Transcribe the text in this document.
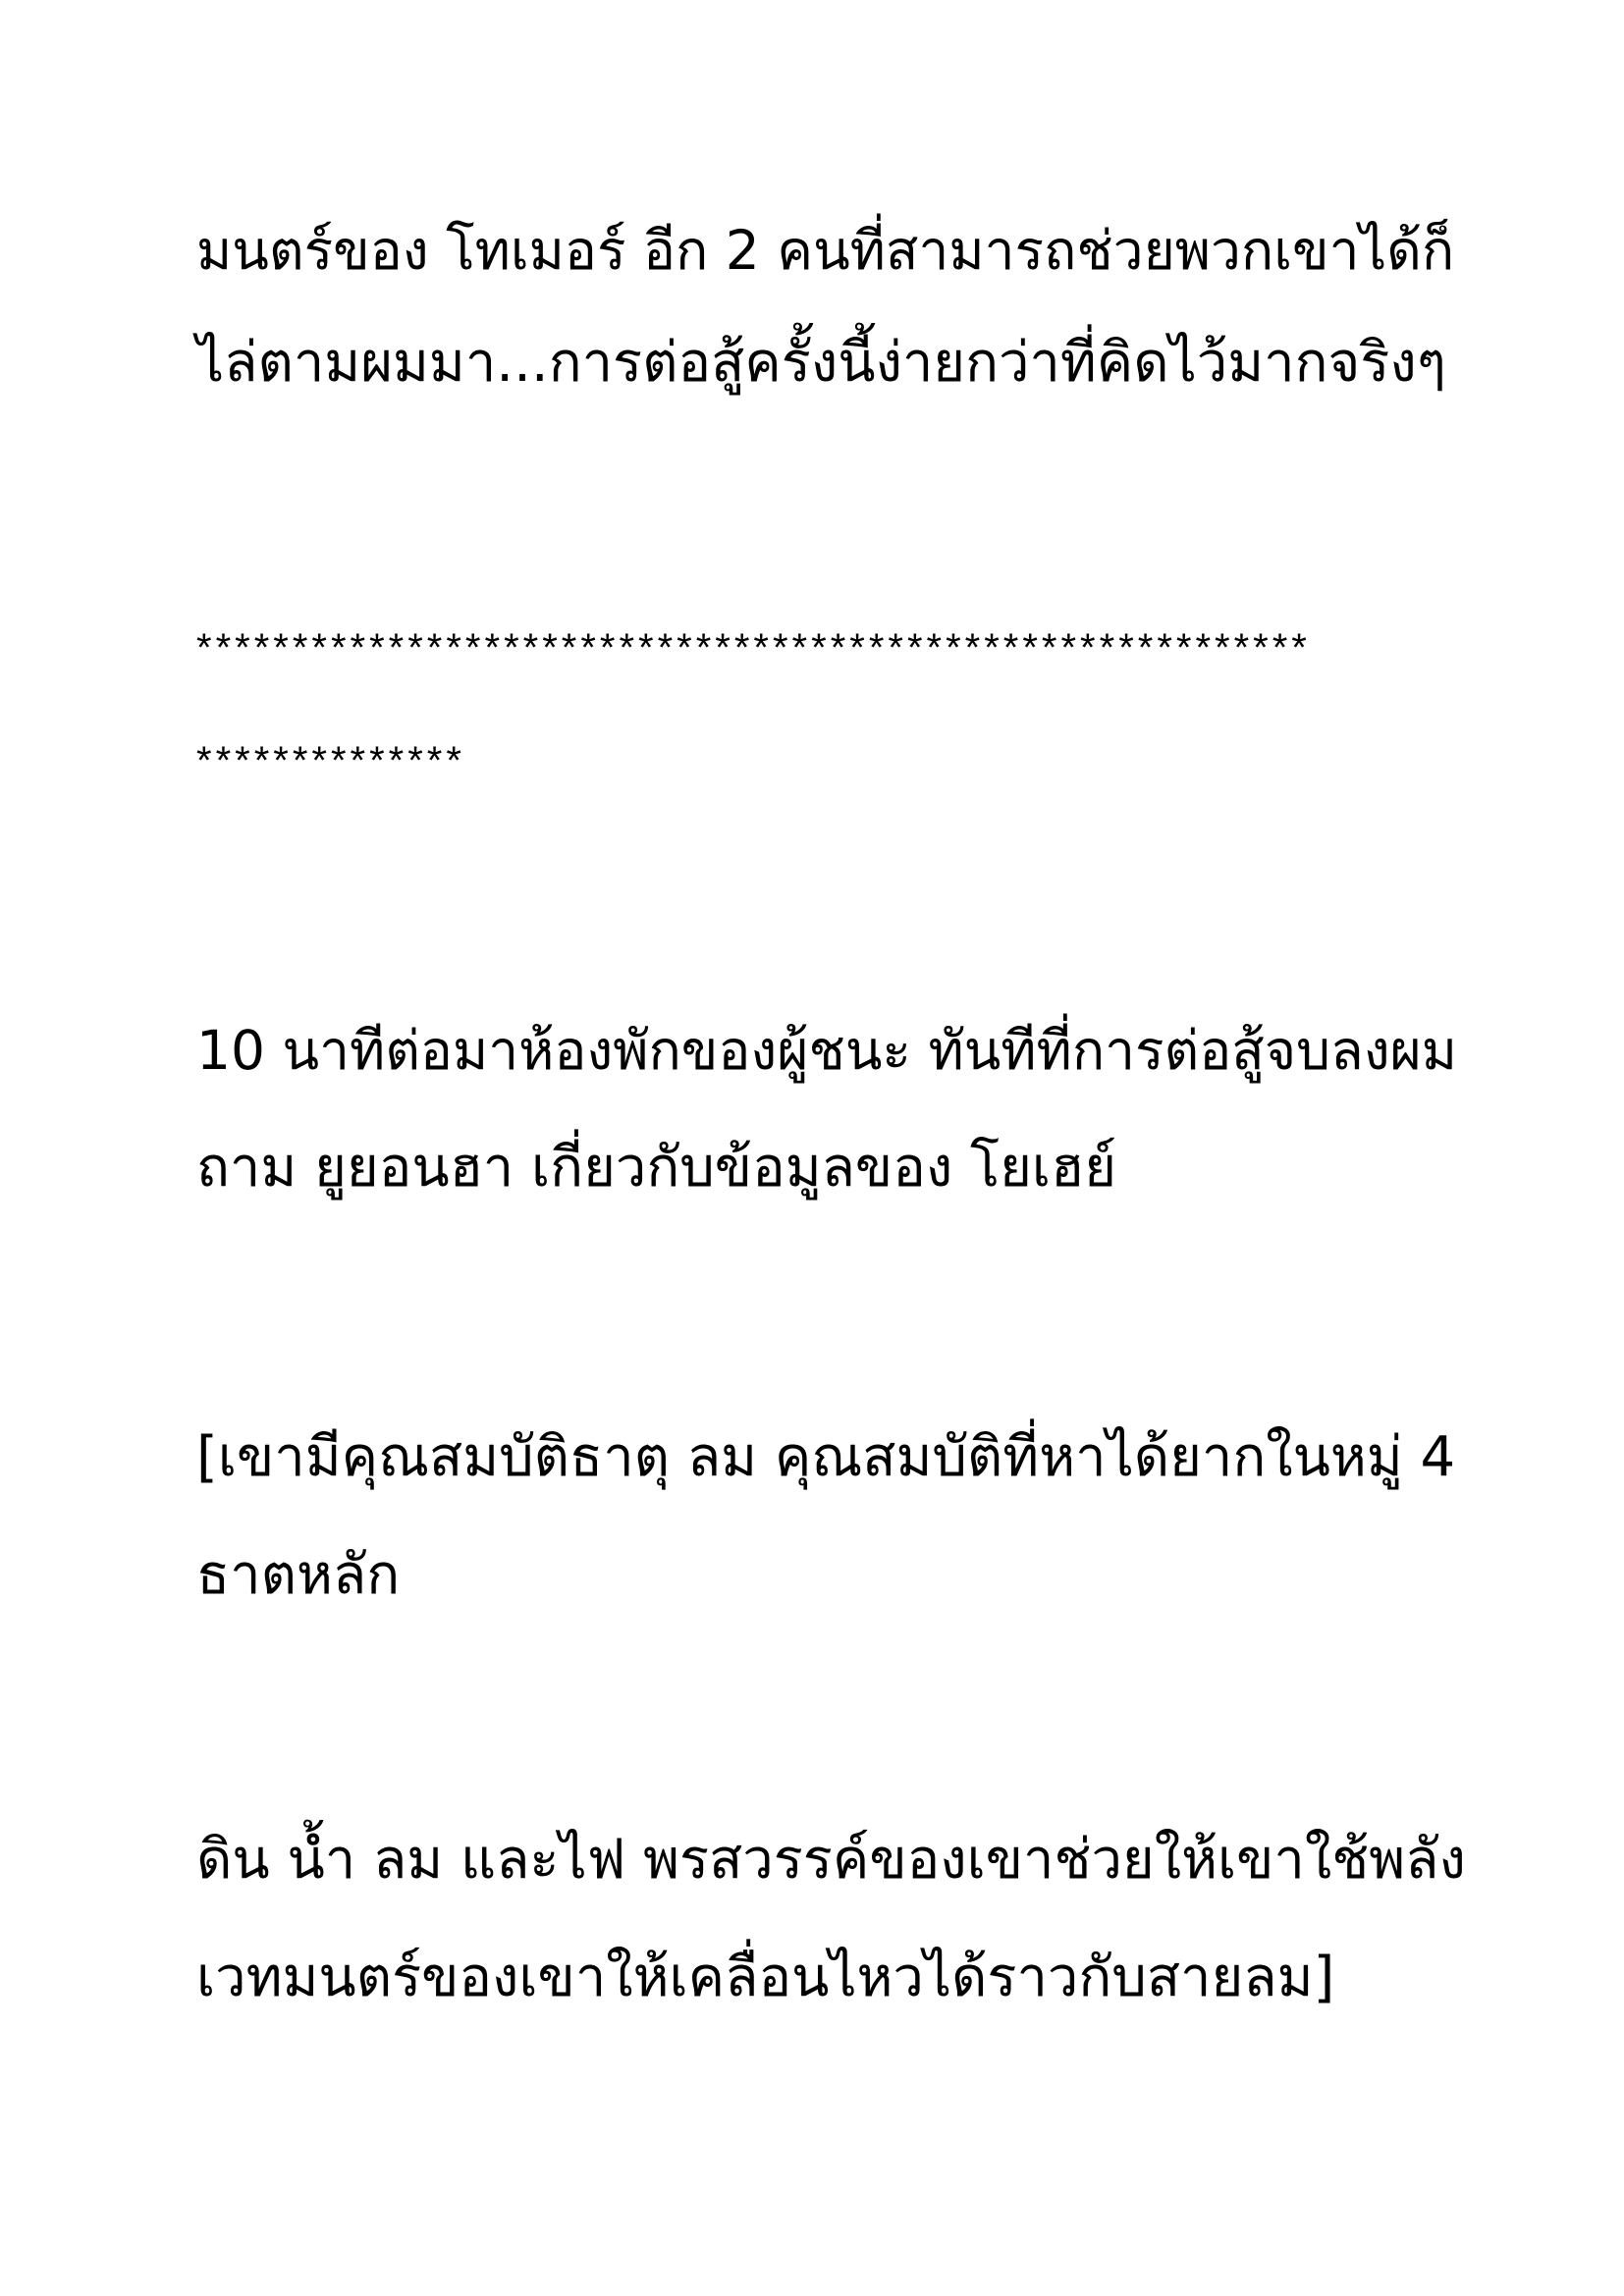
มนตร์ของ โทเมอร์ อีก 2 คนที่สามารถช่วยพวกเขาได้ก็
ไล่ตามผมมา...การต่อสู้ครั้งนี้ง่ายกว่าที่คิดไว้มากจริงๆ
**********************************************************
**************
10 นาทีต่อมาห้องพักของผู้ชนะ ทันทีที่การต่อสู้จบลงผม
ถาม ยูยอนฮา เกี่ยวกับข้อมูลของ โยเฮย์
[เขามีคุณสมบัติธาตุ ลม คุณสมบัติที่หาได้ยากในหมู่ 4
ธาตหลัก
ดิน น้ำ ลม และไฟ พรสวรรค์ของเขาช่วยให้เขาใช้พลัง
เวทมนตร์ของเขาให้เคลื่อนไหวได้ราวกับสายลม]
